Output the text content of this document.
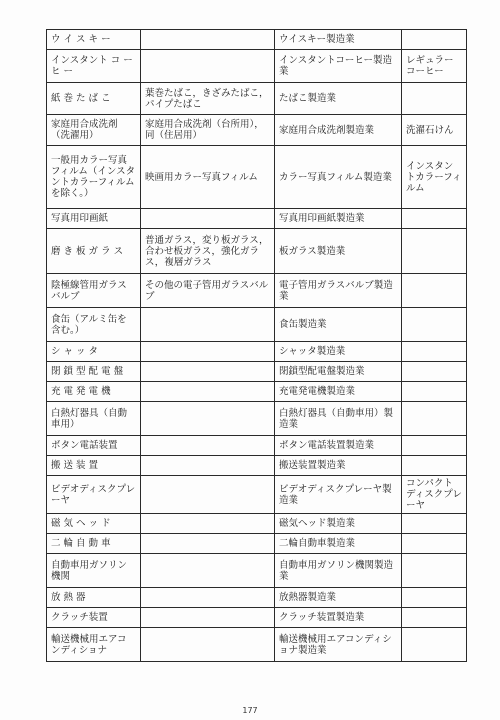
ウ イ ス キ ー		ウイスキー製造業	
インスタント コ ー ヒ ー		インスタントコーヒー製造業	レギュラーコーヒー
紙 巻 た ば こ	葉巻たばこ，きざみたばこ，パイプたばこ	たばこ製造業	
家庭用合成洗剤（洗濯用）	家庭用合成洗剤（台所用），同（住居用）	家庭用合成洗剤製造業	洗濯石けん
一般用カラー写真フィルム（インスタントカラーフィルムを除く。）	映画用カラー写真フィルム	カラー写真フィルム製造業	インスタントカラーフィルム
写真用印画紙		写真用印画紙製造業	
磨 き 板 ガ ラ ス	普通ガラス，変り板ガラス，合わせ板ガラス，強化ガラス，複層ガラス	板ガラス製造業	
陰極線管用ガラスバルブ	その他の電子管用ガラスバルブ	電子管用ガラスバルブ製造業	
食缶（アルミ缶を含む。）		食缶製造業	
シ ャ ッ タ		シャッタ製造業	
閉 鎖 型 配 電 盤		閉鎖型配電盤製造業	
充 電 発 電 機		充電発電機製造業	
白熱灯器具（自動車用）		白熱灯器具（自動車用）製造業	
ボタン電話装置		ボタン電話装置製造業	
搬 送 装 置		搬送装置製造業	
ビデオディスクプレーヤ		ビデオディスクプレーヤ製造業	コンパクトディスクプレーヤ
磁 気 ヘ ッ ド		磁気ヘッド製造業	
二 輪 自 動 車		二輪自動車製造業	
自動車用ガソリン機関		自動車用ガソリン機関製造業	
放 熱 器		放熱器製造業	
クラッチ装置		クラッチ装置製造業	
輸送機械用エアコンディショナ		輸送機械用エアコンディショナ製造業	
177
